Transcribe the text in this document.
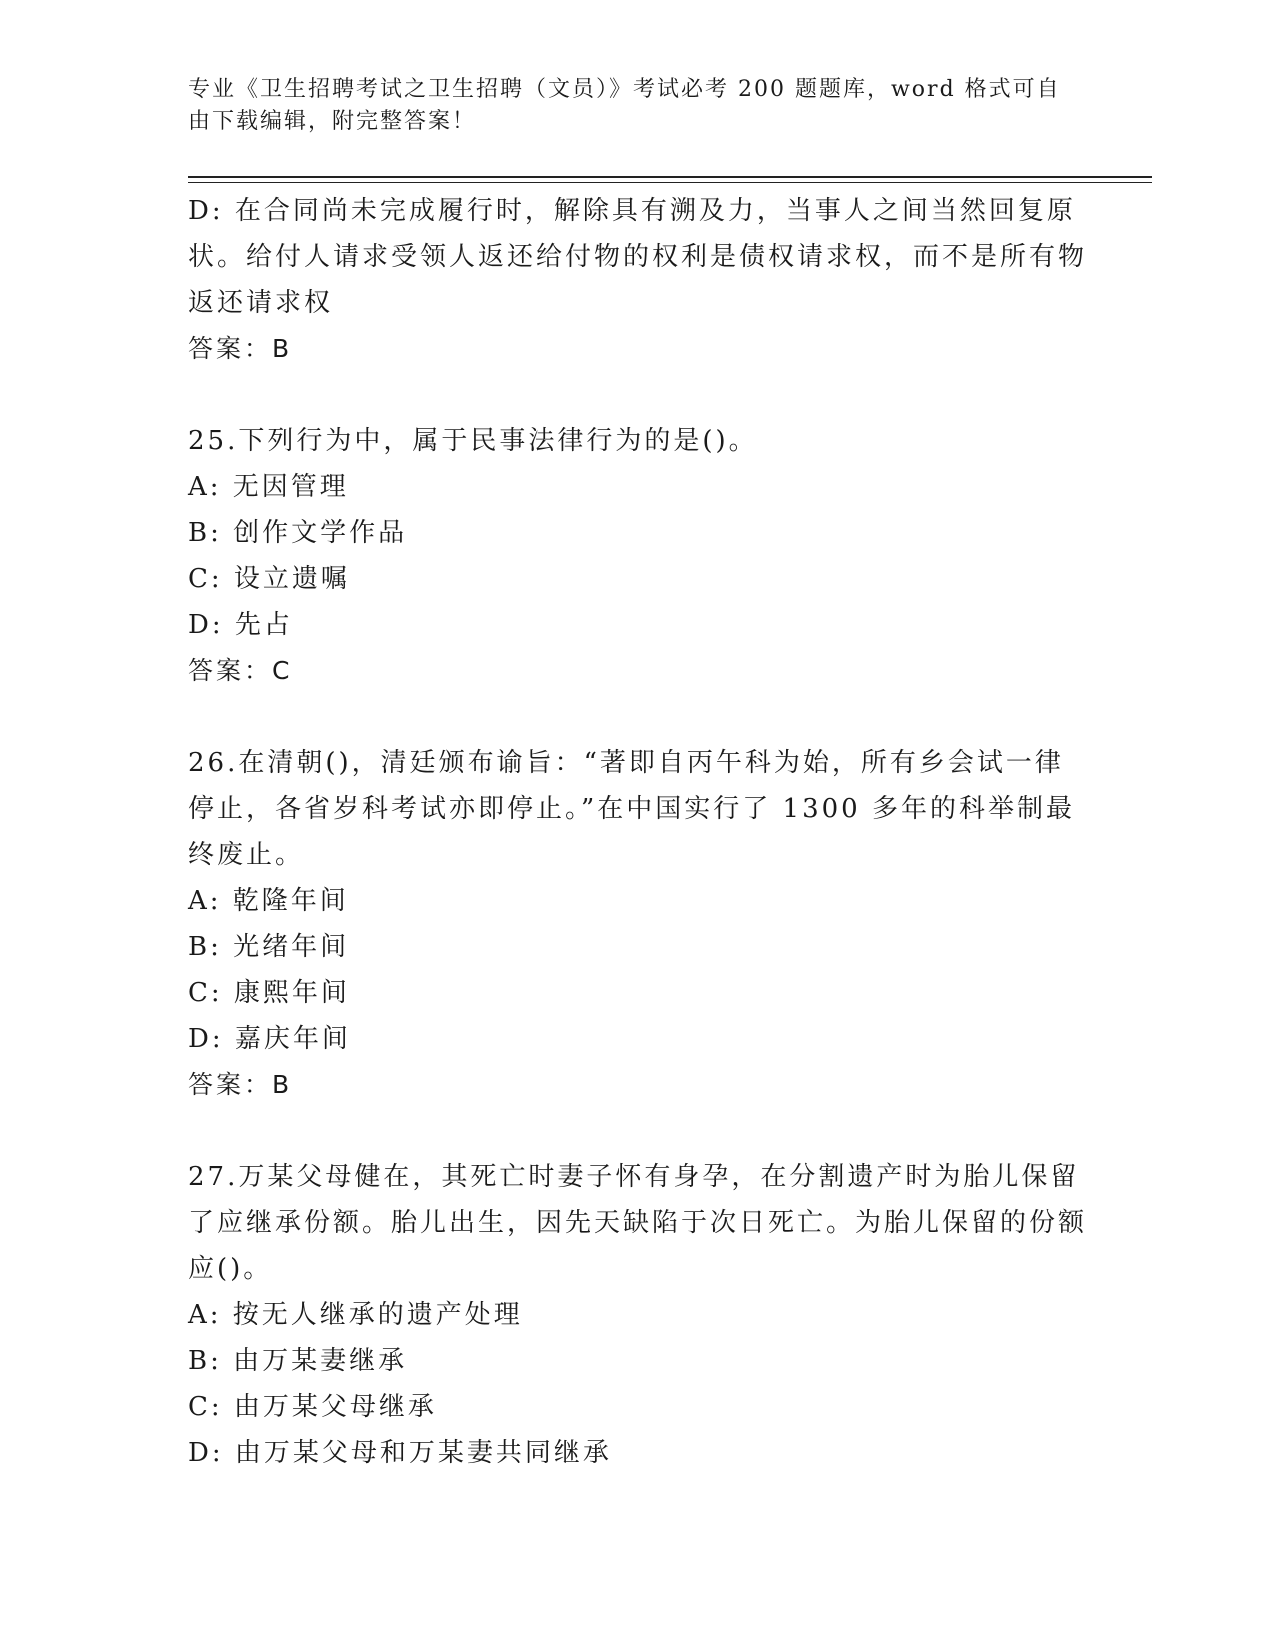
专业《卫生招聘考试之卫生招聘（文员）》考试必考 200 题题库，word 格式可自由下载编辑，附完整答案！

D: 在合同尚未完成履行时，解除具有溯及力，当事人之间当然回复原状。给付人请求受领人返还给付物的权利是债权请求权，而不是所有物返还请求权

答案：B

25.下列行为中，属于民事法律行为的是()。

A: 无因管理

B: 创作文学作品

C: 设立遗嘱

D: 先占

答案：C

26.在清朝()，清廷颁布谕旨：“著即自丙午科为始，所有乡会试一律停止，各省岁科考试亦即停止。”在中国实行了 1300 多年的科举制最终废止。

A: 乾隆年间

B: 光绪年间

C: 康熙年间

D: 嘉庆年间

答案：B

27.万某父母健在，其死亡时妻子怀有身孕，在分割遗产时为胎儿保留了应继承份额。胎儿出生，因先天缺陷于次日死亡。为胎儿保留的份额应()。

A: 按无人继承的遗产处理

B: 由万某妻继承

C: 由万某父母继承

D: 由万某父母和万某妻共同继承
